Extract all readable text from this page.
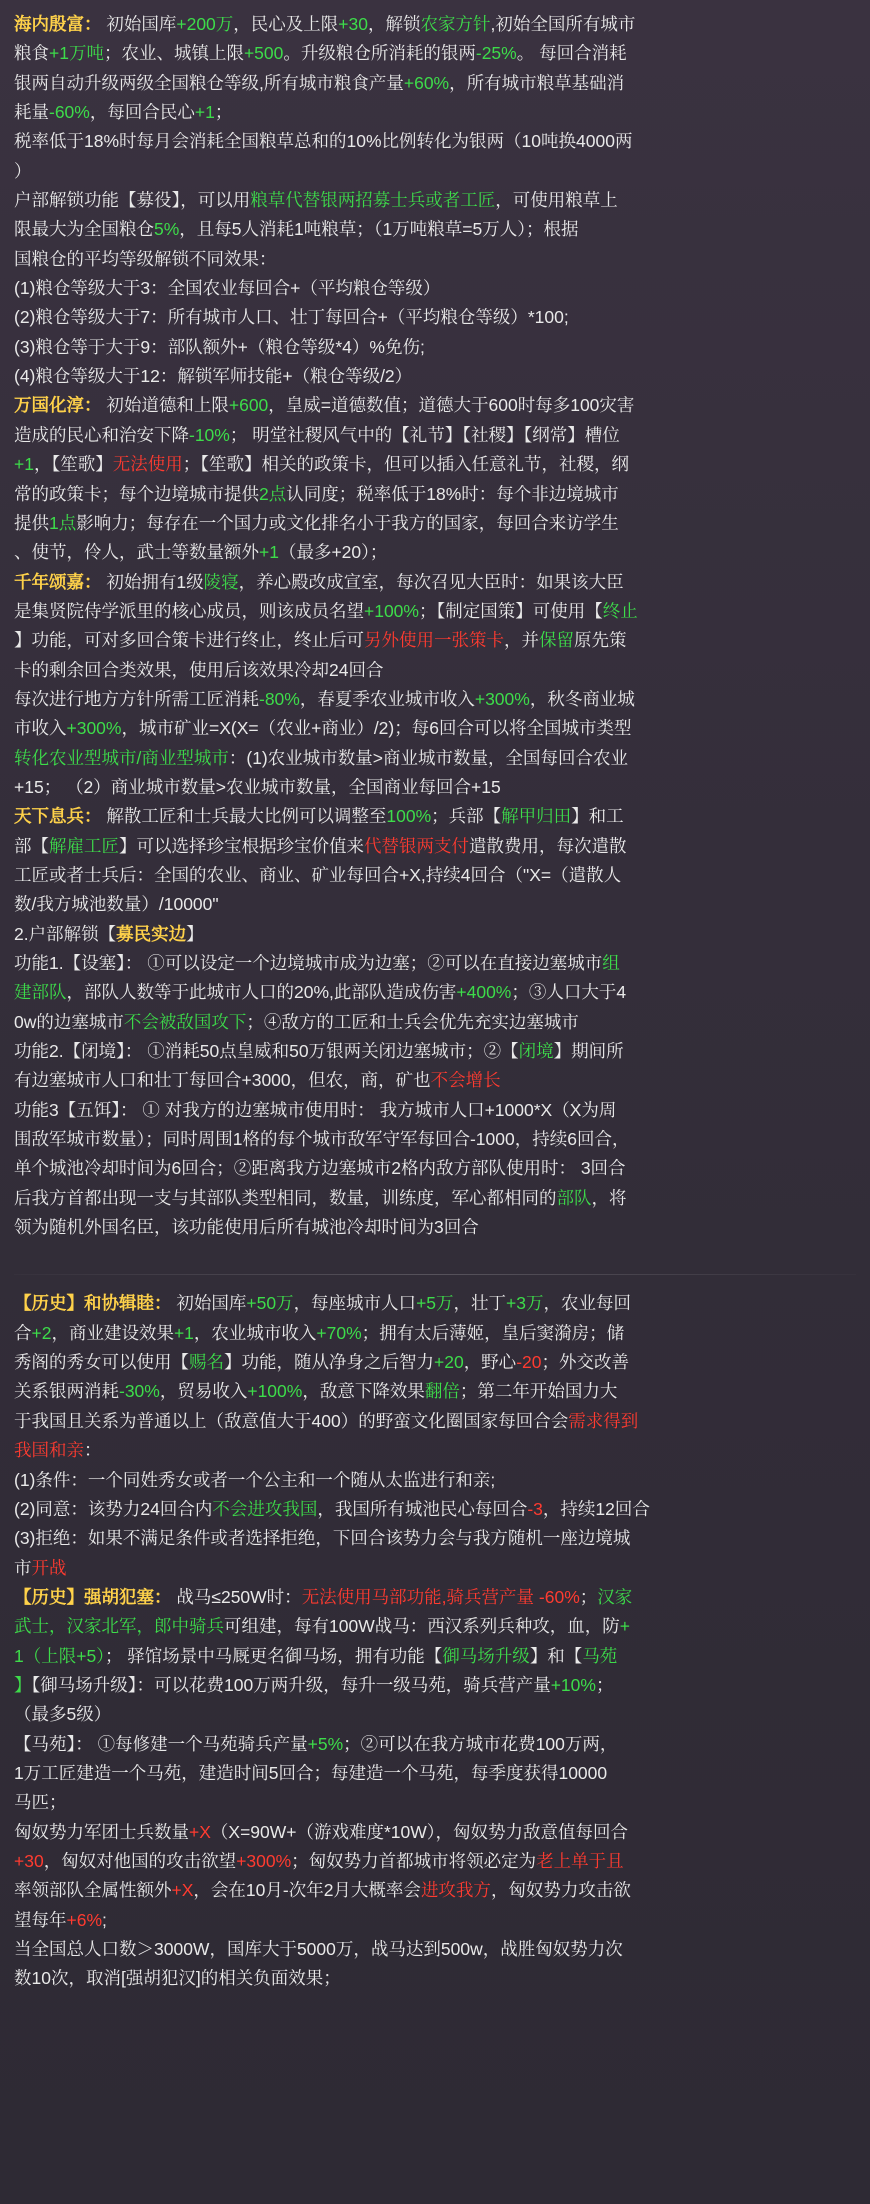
海内殷富： 初始国库+200万，民心及上限+30，解锁农家方针,初始全国所有城市
粮食+1万吨；农业、城镇上限+500。升级粮仓所消耗的银两-25%。 每回合消耗
银两自动升级两级全国粮仓等级,所有城市粮食产量+60%，所有城市粮草基础消
耗量-60%，每回合民心+1；
税率低于18%时每月会消耗全国粮草总和的10%比例转化为银两（10吨换4000两
）
户部解锁功能【募役】，可以用粮草代替银两招募士兵或者工匠，可使用粮草上
限最大为全国粮仓5%，且每5人消耗1吨粮草；（1万吨粮草=5万人）；根据
国粮仓的平均等级解锁不同效果：
(1)粮仓等级大于3：全国农业每回合+（平均粮仓等级）
(2)粮仓等级大于7：所有城市人口、壮丁每回合+（平均粮仓等级）*100;
(3)粮仓等于大于9：部队额外+（粮仓等级*4）%免伤;
(4)粮仓等级大于12：解锁军师技能+（粮仓等级/2）
万国化淳： 初始道德和上限+600，皇威=道德数值；道德大于600时每多100灾害
造成的民心和治安下降-10%； 明堂社稷风气中的【礼节】【社稷】【纲常】槽位
+1，【笙歌】无法使用；【笙歌】相关的政策卡，但可以插入任意礼节，社稷，纲
常的政策卡；每个边境城市提供2点认同度；税率低于18%时：每个非边境城市
提供1点影响力；每存在一个国力或文化排名小于我方的国家，每回合来访学生
、使节，伶人，武士等数量额外+1（最多+20）；
千年颂嘉： 初始拥有1级陵寝，养心殿改成宣室，每次召见大臣时：如果该大臣
是集贤院侍学派里的核心成员，则该成员名望+100%；【制定国策】可使用【终止
】功能，可对多回合策卡进行终止，终止后可另外使用一张策卡，并保留原先策
卡的剩余回合类效果，使用后该效果冷却24回合
每次进行地方方针所需工匠消耗-80%，春夏季农业城市收入+300%，秋冬商业城
市收入+300%，城市矿业=X(X=（农业+商业）/2)；每6回合可以将全国城市类型
转化农业型城市/商业型城市：(1)农业城市数量>商业城市数量，全国每回合农业
+15； （2）商业城市数量>农业城市数量，全国商业每回合+15
天下息兵： 解散工匠和士兵最大比例可以调整至100%；兵部【解甲归田】和工
部【解雇工匠】可以选择珍宝根据珍宝价值来代替银两支付遣散费用，每次遣散
工匠或者士兵后：全国的农业、商业、矿业每回合+X,持续4回合（"X=（遣散人
数/我方城池数量）/10000"
2.户部解锁【募民实边】
功能1.【设塞】： ①可以设定一个边境城市成为边塞；②可以在直接边塞城市组
建部队，部队人数等于此城市人口的20%,此部队造成伤害+400%；③人口大于4
0w的边塞城市不会被敌国攻下；④敌方的工匠和士兵会优先充实边塞城市
功能2.【闭境】： ①消耗50点皇威和50万银两关闭边塞城市；②【闭境】期间所
有边塞城市人口和壮丁每回合+3000，但农，商，矿也不会增长
功能3【五饵】： ① 对我方的边塞城市使用时： 我方城市人口+1000*X（X为周
围敌军城市数量）；同时周围1格的每个城市敌军守军每回合-1000，持续6回合，
单个城池冷却时间为6回合；②距离我方边塞城市2格内敌方部队使用时： 3回合
后我方首都出现一支与其部队类型相同，数量，训练度，军心都相同的部队，将
领为随机外国名臣，该功能使用后所有城池冷却时间为3回合
【历史】和协辑睦： 初始国库+50万，每座城市人口+5万，壮丁+3万，农业每回
合+2，商业建设效果+1，农业城市收入+70%；拥有太后薄姬，皇后窦漪房；储
秀阁的秀女可以使用【赐名】功能，随从净身之后智力+20，野心-20；外交改善
关系银两消耗-30%，贸易收入+100%，敌意下降效果翻倍；第二年开始国力大
于我国且关系为普通以上（敌意值大于400）的野蛮文化圈国家每回合会需求得到
我国和亲：
(1)条件：一个同姓秀女或者一个公主和一个随从太监进行和亲;
(2)同意：该势力24回合内不会进攻我国，我国所有城池民心每回合-3，持续12回合
(3)拒绝：如果不满足条件或者选择拒绝，下回合该势力会与我方随机一座边境城
市开战
【历史】强胡犯塞： 战马≤250W时：无法使用马部功能,骑兵营产量 -60%；汉家
武士，汉家北军，郎中骑兵可组建，每有100W战马：西汉系列兵种攻，血，防+
1（上限+5）； 驿馆场景中马厩更名御马场，拥有功能【御马场升级】和【马苑
】【御马场升级】：可以花费100万两升级，每升一级马苑，骑兵营产量+10%；
（最多5级）
【马苑】： ①每修建一个马苑骑兵产量+5%；②可以在我方城市花费100万两，
1万工匠建造一个马苑，建造时间5回合；每建造一个马苑，每季度获得10000
马匹；
匈奴势力军团士兵数量+X（X=90W+（游戏难度*10W），匈奴势力敌意值每回合
+30，匈奴对他国的攻击欲望+300%；匈奴势力首都城市将领必定为老上单于且
率领部队全属性额外+X，会在10月-次年2月大概率会进攻我方，匈奴势力攻击欲
望每年+6%;
当全国总人口数＞3000W，国库大于5000万，战马达到500w，战胜匈奴势力次
数10次，取消[强胡犯汉]的相关负面效果；
